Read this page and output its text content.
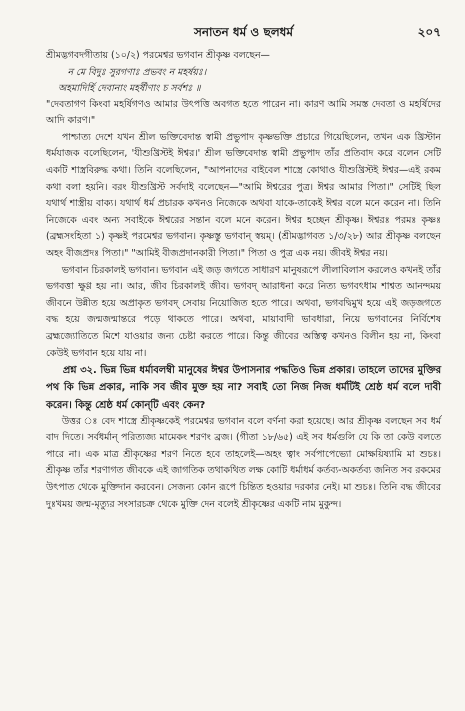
সনাতন ধর্ম ও ছলধর্ম	২০৭

শ্রীমদ্ভগবদগীতায় (১০/২) পরমেশ্বর ভগবান শ্রীকৃষ্ণ বলছেন—

ন মে বিদুঃ সুরগণাঃ প্রভবং ন মহর্ষয়ঃ।

অহমাদির্হি দেবানাং মহর্ষীণাং চ সর্বশঃ ॥

"দেবতাগণ কিংবা মহর্ষিগণও আমার উৎপত্তি অবগত হতে পারেন না। কারণ আমি সমস্ত দেবতা ও মহর্ষিদের আদি কারণ।"

পাশ্চাত্য দেশে যখন শ্রীল ভক্তিবেদান্ত স্বামী প্রভুপাদ কৃষ্ণভক্তি প্রচারে গিয়েছিলেন, তখন এক খ্রিস্টান ধর্মযাজক বলেছিলেন, 'যীশুখ্রিস্টই ঈশ্বর।' শ্রীল ভক্তিবেদান্ত স্বামী প্রভুপাদ তাঁর প্রতিবাদ করে বলেন সেটি একটি শাস্ত্রবিরুদ্ধ কথা। তিনি বলেছিলেন, "আপনাদের বাইবেল শাস্ত্রে কোথাও যীশুখ্রিস্টই ঈশ্বর—এই রকম কথা বলা হয়নি। বরং যীশুখ্রিস্ট সর্বদাই বলেছেন—"আমি ঈশ্বরের পুত্র। ঈশ্বর আমার পিতা।" সেটিই ছিল যথার্থ শাস্ত্রীয় বাক্য। যথার্থ ধর্ম প্রচারক কখনও নিজেকে অথবা যাকে-তাকেই ঈশ্বর বলে মনে করেন না। তিনি নিজেকে এবং অন্য সবাইকে ঈশ্বরের সন্তান বলে মনে করেন। ঈশ্বর হচ্ছেন শ্রীকৃষ্ণ। ঈশ্বরঃ পরমঃ কৃষ্ণঃ (ব্রহ্মসংহিতা ১) কৃষ্ণই পরমেশ্বর ভগবান। কৃষ্ণস্তু ভগবান্ স্বয়ম্। (শ্রীমদ্ভাগবত ১/৩/২৮) আর শ্রীকৃষ্ণ বলছেন অহং বীজপ্রদঃ পিতা।" "আমিই বীজপ্রদানকারী পিতা।" পিতা ও পুত্র এক নয়। জীবই ঈশ্বর নয়।

ভগবান চিরকালই ভগবান। ভগবান এই জড় জগতে সাধারণ মানুষরূপে লীলাবিলাস করলেও কখনই তাঁর ভগবত্তা ক্ষুণ্ণ হয় না। আর, জীব চিরকালই জীব। ভগবদ্ আরাধনা করে নিত্য ভগবৎধাম শাশ্বত আনন্দময় জীবনে উন্নীত হয়ে অপ্রাকৃত ভগবদ্ সেবায় নিয়োজিত হতে পারে। অথবা, ভগবদ্বিমুখ হয়ে এই জড়জগতে বদ্ধ হয়ে জন্মজন্মান্তরে পড়ে থাকতে পারে। অথবা, মায়াবাদী ভাবধারা, নিয়ে ভগবানের নির্বিশেষ ব্রহ্মজ্যোতিতে মিশে যাওয়ার জন্য চেষ্টা করতে পারে। কিন্তু জীবের অস্তিত্ব কখনও বিলীন হয় না, কিংবা কেউই ভগবান হয়ে যায় না।

প্রশ্ন ৩২. ভিন্ন ভিন্ন ধর্মাবলম্বী মানুষের ঈশ্বর উপাসনার পদ্ধতিও ভিন্ন প্রকার। তাহলে তাদের মুক্তির পথ কি ভিন্ন প্রকার, নাকি সব জীব মুক্ত হয় না? সবাই তো নিজ নিজ ধর্মটিই শ্রেষ্ঠ ধর্ম বলে দাবী করেন। কিন্তু শ্রেষ্ঠ ধর্ম কোন্‌টি এবং কেন?

উত্তর ঃ বেদ শাস্ত্রে শ্রীকৃষ্ণকেই পরমেশ্বর ভগবান বলে বর্ণনা করা হয়েছে। আর শ্রীকৃষ্ণ বলছেন সব ধর্ম বাদ দিতে। সর্বধর্মান্ পরিত্যজ্য মামেকং শরণং ব্রজ। (গীতা ১৮/৬৫) এই সব ধর্মগুলি যে কি তা কেউ বলতে পারে না। এক মাত্র শ্রীকৃষ্ণের শরণ নিতে হবে তাহলেই—অহং ত্বাং সর্বপাপেভ্যো মোক্ষয়িষ্যামি মা শুচঃ। শ্রীকৃষ্ণ তাঁর শরণাগত জীবকে এই জাগতিক তথাকথিত লক্ষ কোটি ধর্মাধর্ম কর্তব্য-অকর্তব্য জনিত সব রকমের উৎপাত থেকে মুক্তিদান করবেন। সেজন্য কোন রূপে চিন্তিত হওয়ার দরকার নেই। মা শুচঃ। তিনি বদ্ধ জীবের দুঃখময় জন্ম-মৃত্যুর সংসারচক্র থেকে মুক্তি দেন বলেই শ্রীকৃষ্ণের একটি নাম মুকুন্দ।
